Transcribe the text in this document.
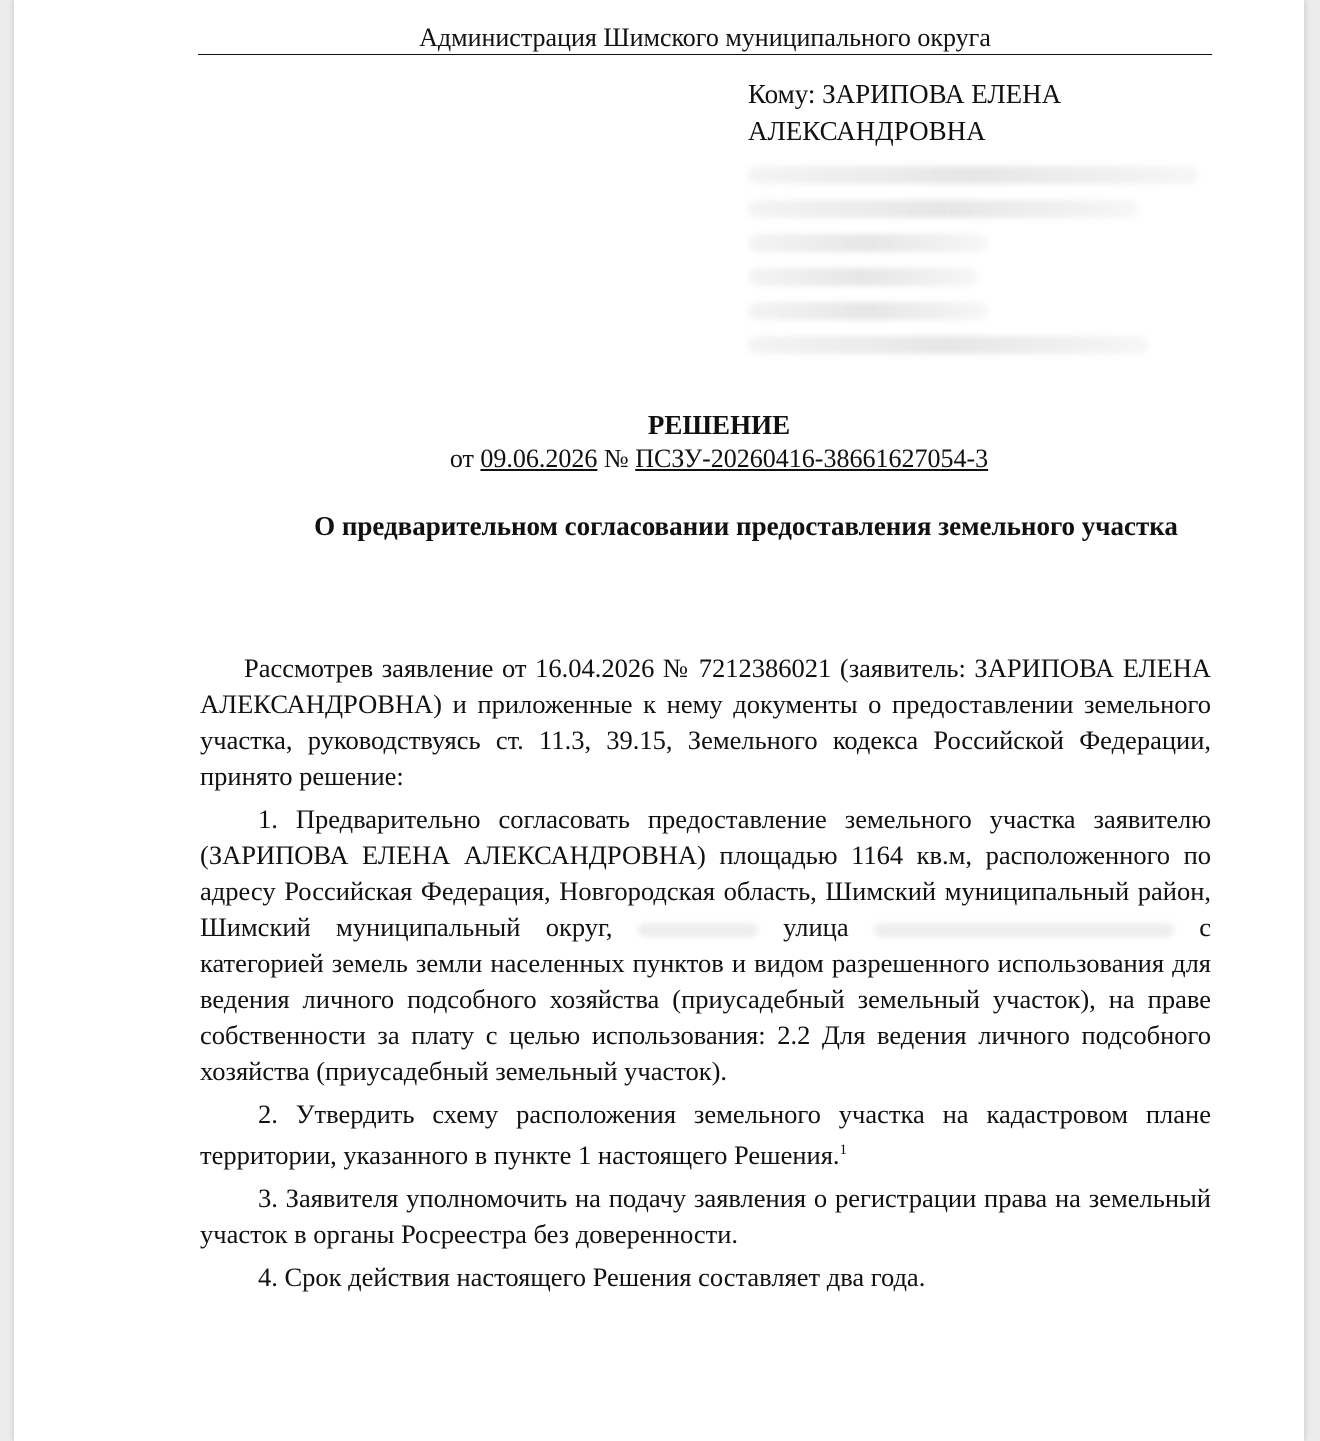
Администрация Шимского муниципального округа
Кому: ЗАРИПОВА ЕЛЕНА
АЛЕКСАНДРОВНА
РЕШЕНИЕ
от 09.06.2026 № ПСЗУ-20260416-38661627054-3
О предварительном согласовании предоставления земельного участка

Рассмотрев заявление от 16.04.2026 № 7212386021 (заявитель: ЗАРИПОВА ЕЛЕНА АЛЕКСАНДРОВНА) и приложенные к нему документы о предоставлении земельного участка, руководствуясь ст. 11.3, 39.15, Земельного кодекса Российской Федерации, принято решение:

1. Предварительно согласовать предоставление земельного участка заявителю (ЗАРИПОВА ЕЛЕНА АЛЕКСАНДРОВНА) площадью 1164 кв.м, расположенного по адресу Российская Федерация, Новгородская область, Шимский муниципальный район, Шимский муниципальный округ,	улица	с категорией земель земли населенных пунктов и видом разрешенного использования для ведения личного подсобного хозяйства (приусадебный земельный участок), на праве собственности за плату с целью использования: 2.2 Для ведения личного подсобного хозяйства (приусадебный земельный участок).

2. Утвердить схему расположения земельного участка на кадастровом плане территории, указанного в пункте 1 настоящего Решения.$^1$

3. Заявителя уполномочить на подачу заявления о регистрации права на земельный участок в органы Росреестра без доверенности.

4. Срок действия настоящего Решения составляет два года.
